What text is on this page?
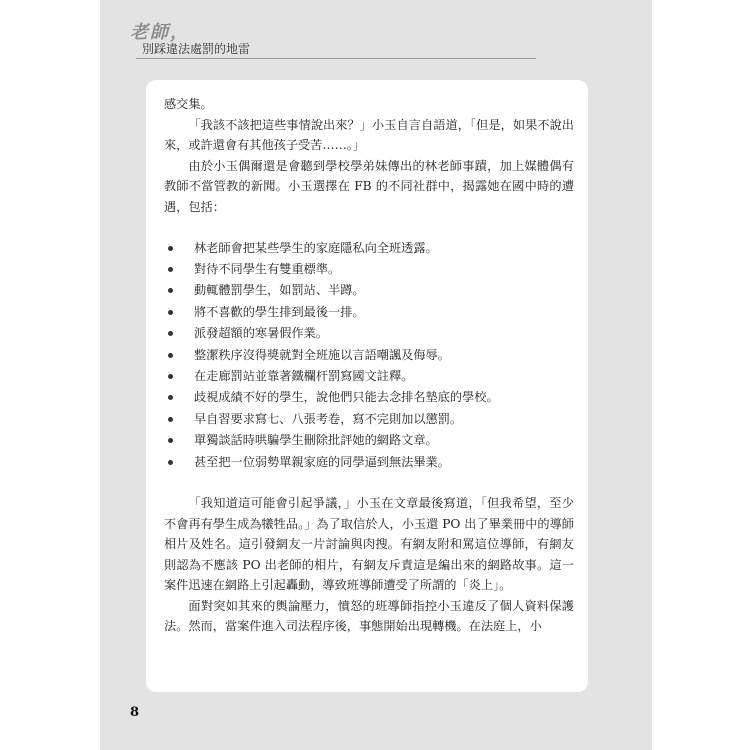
老師，
別踩違法處罰的地雷

感交集。

「我該不該把這些事情說出來？」小玉自言自語道，「但是，如果不說出來，或許還會有其他孩子受苦……。」

由於小玉偶爾還是會聽到學校學弟妹傳出的林老師事蹟，加上媒體偶有教師不當管教的新聞。小玉選擇在 FB 的不同社群中，揭露她在國中時的遭遇，包括：

林老師會把某些學生的家庭隱私向全班透露。
對待不同學生有雙重標準。
動輒體罰學生，如罰站、半蹲。
將不喜歡的學生排到最後一排。
派發超額的寒暑假作業。
整潔秩序沒得獎就對全班施以言語嘲諷及侮辱。
在走廊罰站並靠著鐵欄杆罰寫國文註釋。
歧視成績不好的學生，說他們只能去念排名墊底的學校。
早自習要求寫七、八張考卷，寫不完則加以懲罰。
單獨談話時哄騙學生刪除批評她的網路文章。
甚至把一位弱勢單親家庭的同學逼到無法畢業。

「我知道這可能會引起爭議，」小玉在文章最後寫道，「但我希望，至少不會再有學生成為犧牲品。」為了取信於人，小玉還 PO 出了畢業冊中的導師相片及姓名。這引發網友一片討論與肉搜。有網友附和罵這位導師，有網友則認為不應該 PO 出老師的相片，有網友斥責這是編出來的網路故事。這一案件迅速在網路上引起轟動，導致班導師遭受了所謂的「炎上」。

面對突如其來的輿論壓力，憤怒的班導師指控小玉違反了個人資料保護法。然而，當案件進入司法程序後，事態開始出現轉機。在法庭上，小

8
